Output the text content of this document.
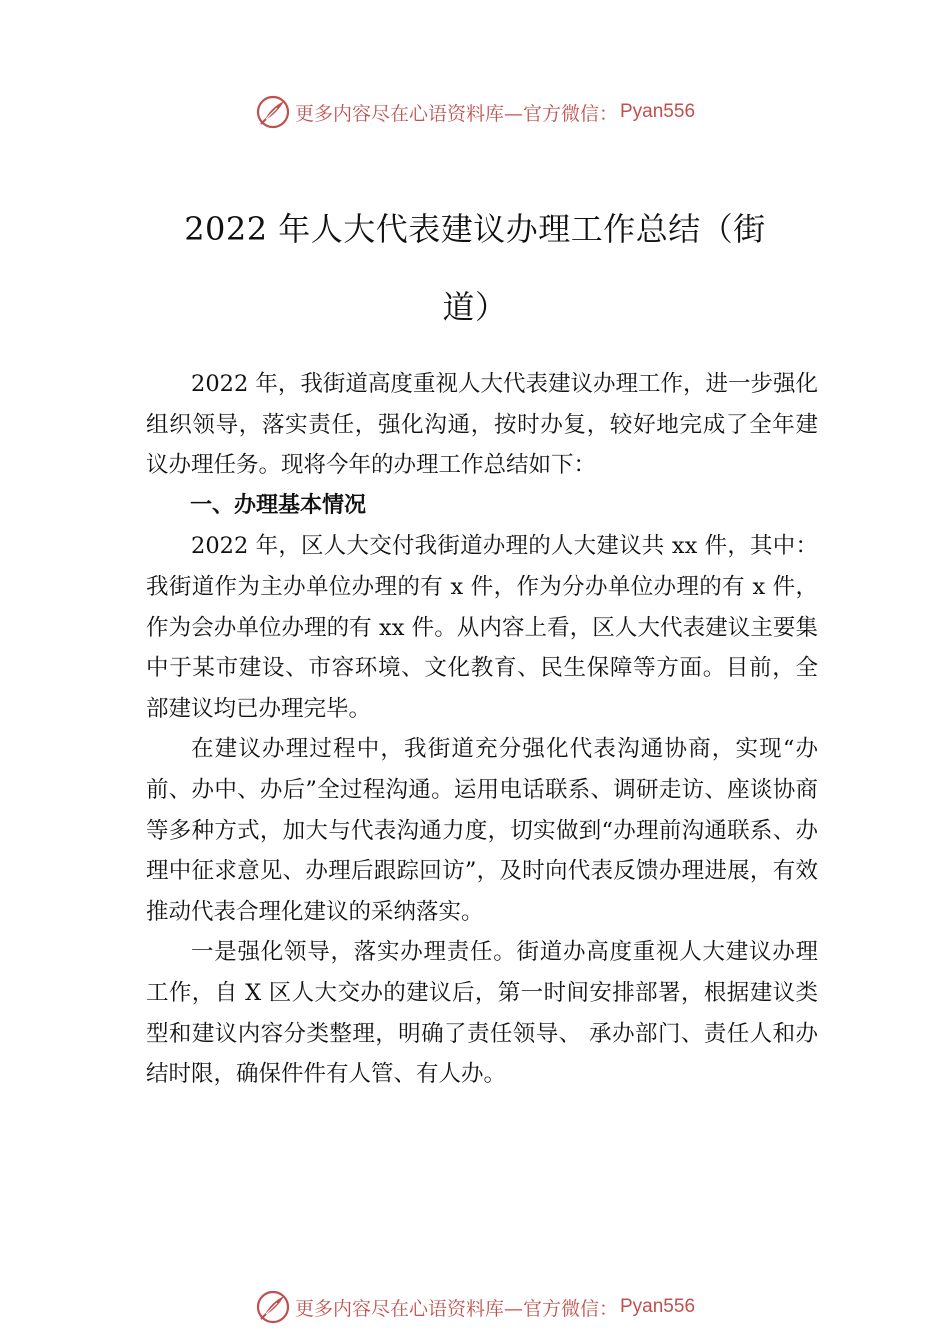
更多内容尽在心语资料库—官方微信： Pyan556
2022 年人大代表建议办理工作总结（街
道）

2022 年，我街道高度重视人大代表建议办理工作，进一步强化组织领导，落实责任，强化沟通，按时办复，较好地完成了全年建议办理任务。现将今年的办理工作总结如下：

一、办理基本情况

2022 年，区人大交付我街道办理的人大建议共 xx 件，其中：我街道作为主办单位办理的有 x 件，作为分办单位办理的有 x 件，作为会办单位办理的有 xx 件。从内容上看，区人大代表建议主要集中于某市建设、市容环境、文化教育、民生保障等方面。目前，全部建议均已办理完毕。

在建议办理过程中，我街道充分强化代表沟通协商，实现“办前、办中、办后”全过程沟通。运用电话联系、调研走访、座谈协商等多种方式，加大与代表沟通力度，切实做到“办理前沟通联系、办理中征求意见、办理后跟踪回访”，及时向代表反馈办理进展，有效推动代表合理化建议的采纳落实。

一是强化领导，落实办理责任。街道办高度重视人大建议办理工作，自 X 区人大交办的建议后，第一时间安排部署，根据建议类型和建议内容分类整理，明确了责任领导、 承办部门、责任人和办结时限，确保件件有人管、有人办。

更多内容尽在心语资料库—官方微信： Pyan556
